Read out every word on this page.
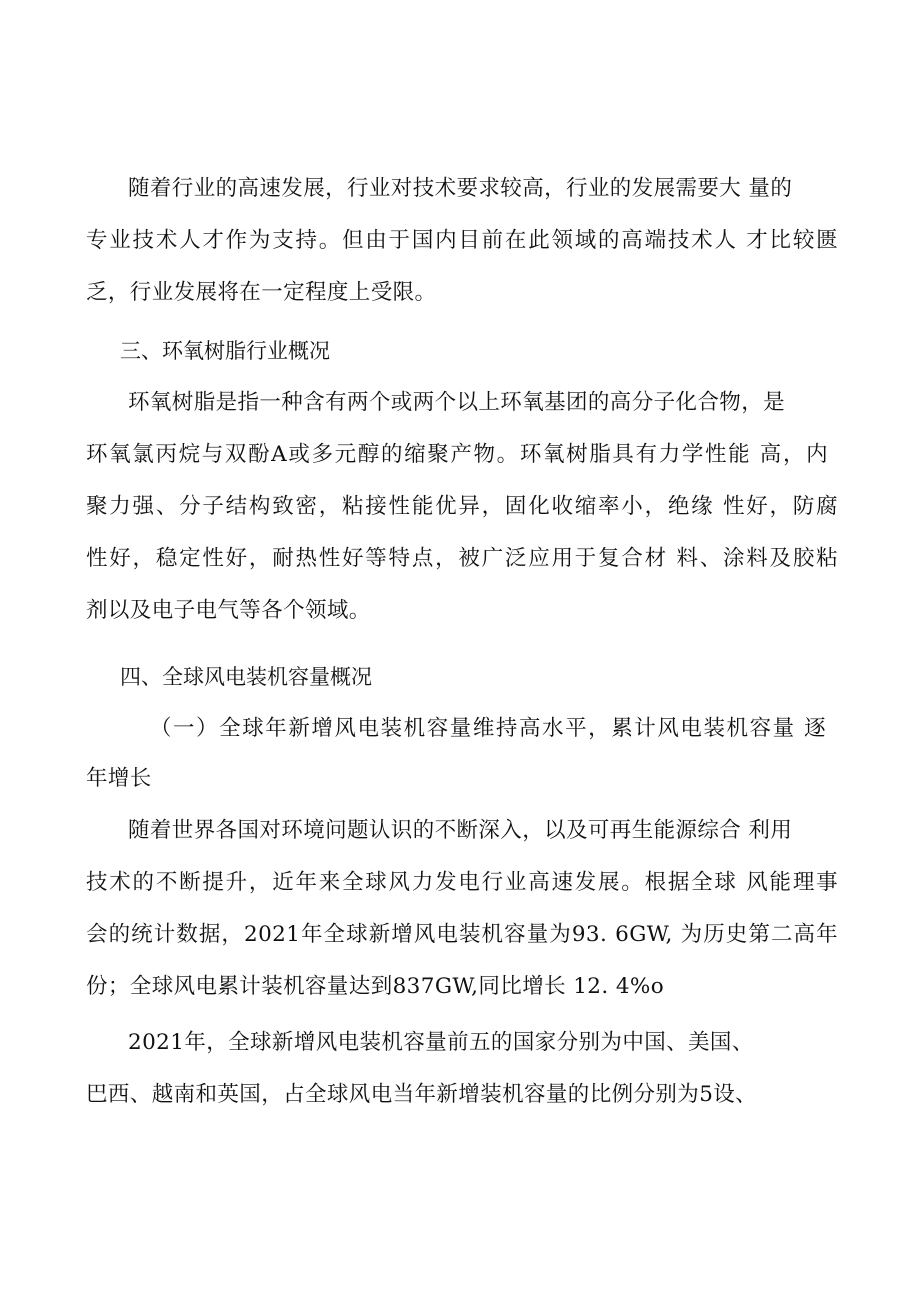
随着行业的高速发展，行业对技术要求较高，行业的发展需要大 量的
专业技术人才作为支持。但由于国内目前在此领域的高端技术人 才比较匮
乏，行业发展将在一定程度上受限。
三、环氧树脂行业概况
环氧树脂是指一种含有两个或两个以上环氧基团的高分子化合物，是
环氧氯丙烷与双酚A或多元醇的缩聚产物。环氧树脂具有力学性能 高，内
聚力强、分子结构致密，粘接性能优异，固化收缩率小，绝缘 性好，防腐
性好，稳定性好，耐热性好等特点，被广泛应用于复合材 料、涂料及胶粘
剂以及电子电气等各个领域。
四、全球风电装机容量概况
（一）全球年新增风电装机容量维持高水平，累计风电装机容量 逐
年增长
随着世界各国对环境问题认识的不断深入，以及可再生能源综合 利用
技术的不断提升，近年来全球风力发电行业高速发展。根据全球 风能理事
会的统计数据，2021年全球新增风电装机容量为93. 6GW, 为历史第二高年
份；全球风电累计装机容量达到837GW,同比增长 12. 4%o
2021年，全球新增风电装机容量前五的国家分别为中国、美国、
巴西、越南和英国，占全球风电当年新增装机容量的比例分别为5设、
